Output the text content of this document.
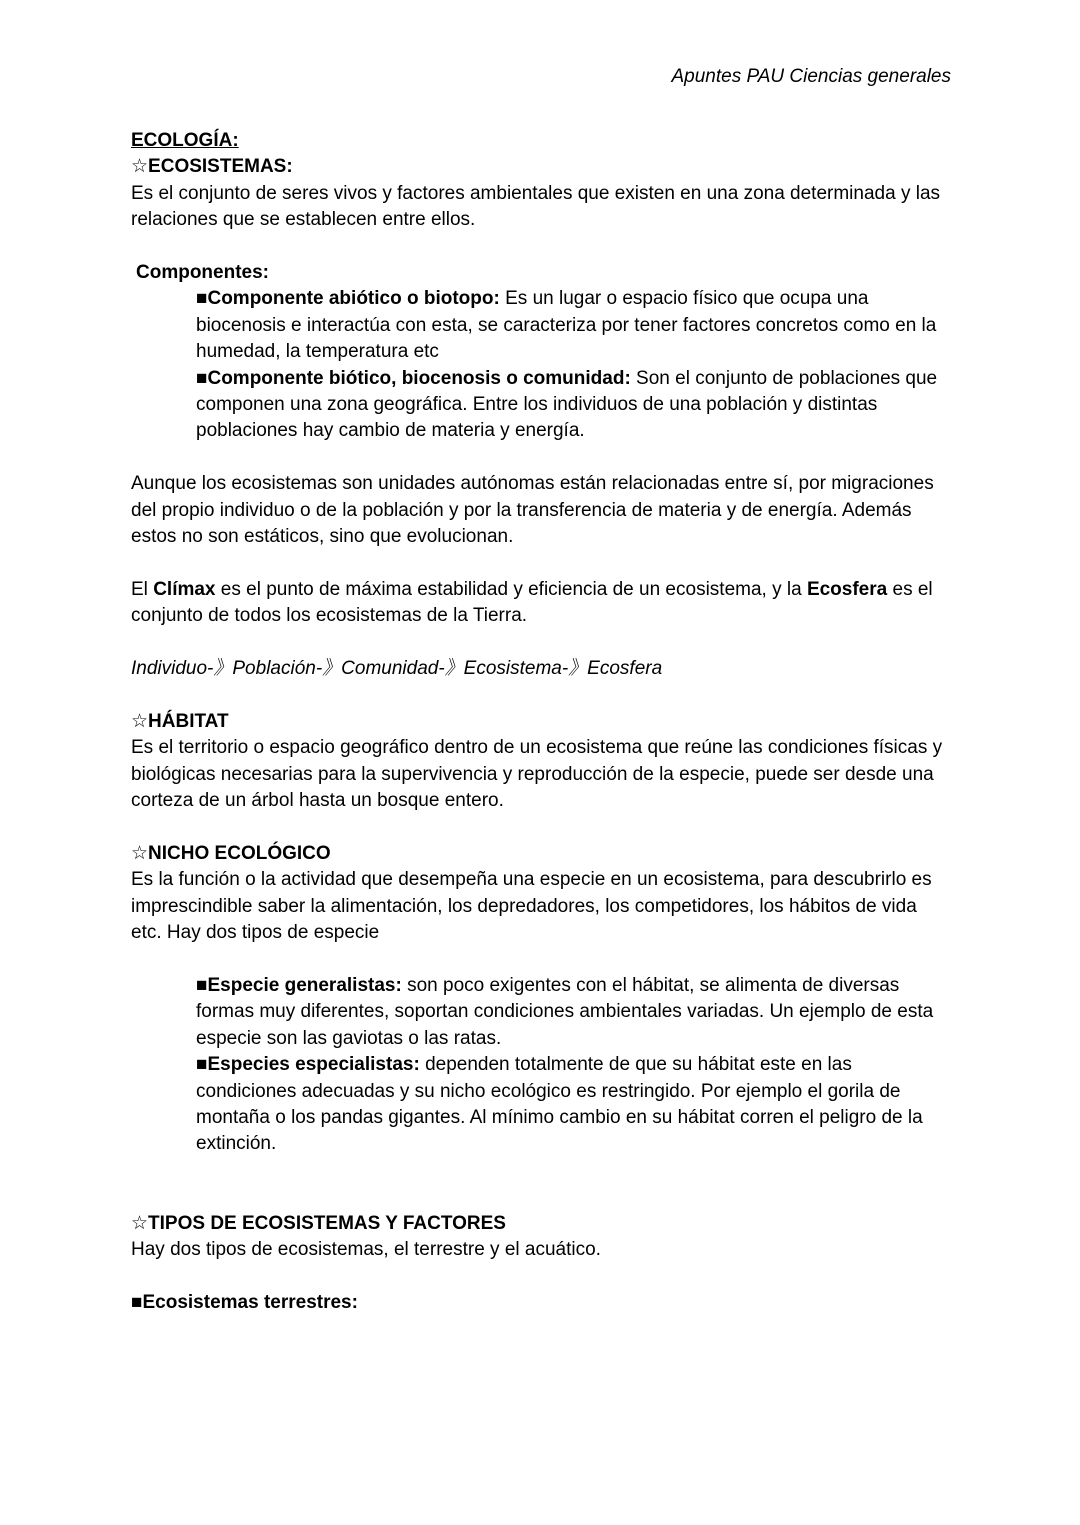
Apuntes PAU Ciencias generales
ECOLOGÍA:
☆ECOSISTEMAS:

Es el conjunto de seres vivos y factores ambientales que existen en una zona determinada y las relaciones que se establecen entre ellos.

Componentes:

■Componente abiótico o biotopo: Es un lugar o espacio físico que ocupa una biocenosis e interactúa con esta, se caracteriza por tener factores concretos como en la humedad, la temperatura etc

■Componente biótico, biocenosis o comunidad: Son el conjunto de poblaciones que componen una zona geográfica. Entre los individuos de una población y distintas poblaciones hay cambio de materia y energía.

Aunque los ecosistemas son unidades autónomas están relacionadas entre sí, por migraciones del propio individuo o de la población y por la transferencia de materia y de energía. Además estos no son estáticos, sino que evolucionan.

El Clímax es el punto de máxima estabilidad y eficiencia de un ecosistema, y la Ecosfera es el conjunto de todos los ecosistemas de la Tierra.

Individuo-》Población-》Comunidad-》Ecosistema-》Ecosfera

☆HÁBITAT

Es el territorio o espacio geográfico dentro de un ecosistema que reúne las condiciones físicas y biológicas necesarias para la supervivencia y reproducción de la especie, puede ser desde una corteza de un árbol hasta un bosque entero.

☆NICHO ECOLÓGICO

Es la función o la actividad que desempeña una especie en un ecosistema, para descubrirlo es imprescindible saber la alimentación, los depredadores, los competidores, los hábitos de vida etc. Hay dos tipos de especie

■Especie generalistas: son poco exigentes con el hábitat, se alimenta de diversas formas muy diferentes, soportan condiciones ambientales variadas. Un ejemplo de esta especie son las gaviotas o las ratas.

■Especies especialistas: dependen totalmente de que su hábitat este en las condiciones adecuadas y su nicho ecológico es restringido. Por ejemplo el gorila de montaña o los pandas gigantes. Al mínimo cambio en su hábitat corren el peligro de la extinción.

☆TIPOS DE ECOSISTEMAS Y FACTORES

Hay dos tipos de ecosistemas, el terrestre y el acuático.

■Ecosistemas terrestres:
